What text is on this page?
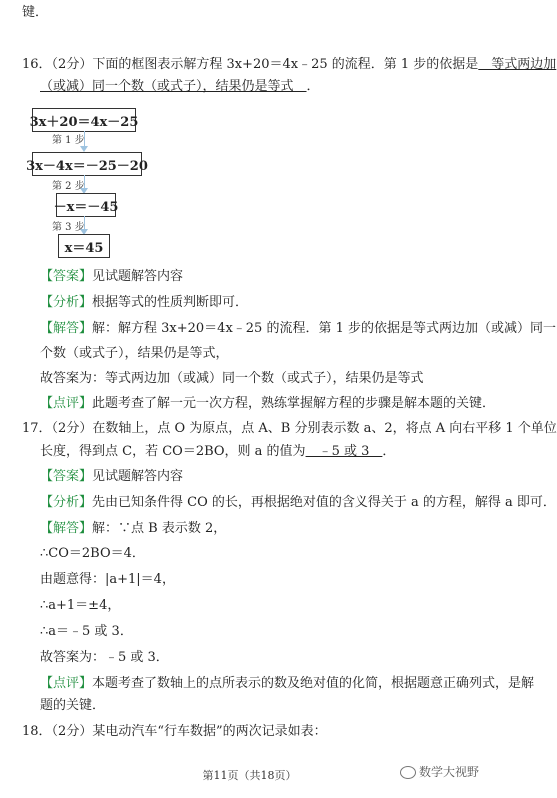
键．
16．（2分）下面的框图表示解方程 3x+20＝4x﹣25 的流程．第 1 步的依据是　等式两边加
（或减）同一个数（或式子），结果仍是等式　．
3x＋20＝4x－25
第 1 步
3x－4x＝－25－20
第 2 步
－x＝－45
第 3 步
x＝45
【答案】见试题解答内容
【分析】根据等式的性质判断即可．
【解答】解：解方程 3x+20＝4x﹣25 的流程．第 1 步的依据是等式两边加（或减）同一
个数（或式子），结果仍是等式，
故答案为：等式两边加（或减）同一个数（或式子），结果仍是等式
【点评】此题考查了解一元一次方程，熟练掌握解方程的步骤是解本题的关键．
17．（2分）在数轴上，点 O 为原点，点 A、B 分别表示数 a、2，将点 A 向右平移 1 个单位
长度，得到点 C，若 CO＝2BO，则 a 的值为　﹣5 或 3　．
【答案】见试题解答内容
【分析】先由已知条件得 CO 的长，再根据绝对值的含义得关于 a 的方程，解得 a 即可．
【解答】解：∵点 B 表示数 2，
∴CO＝2BO＝4．
由题意得：|a+1|＝4，
∴a+1＝±4，
∴a＝﹣5 或 3．
故答案为：﹣5 或 3．
【点评】本题考查了数轴上的点所表示的数及绝对值的化简，根据题意正确列式，是解
题的关键．
18．（2分）某电动汽车“行车数据”的两次记录如表：
第11页（共18页）	数学大视野
